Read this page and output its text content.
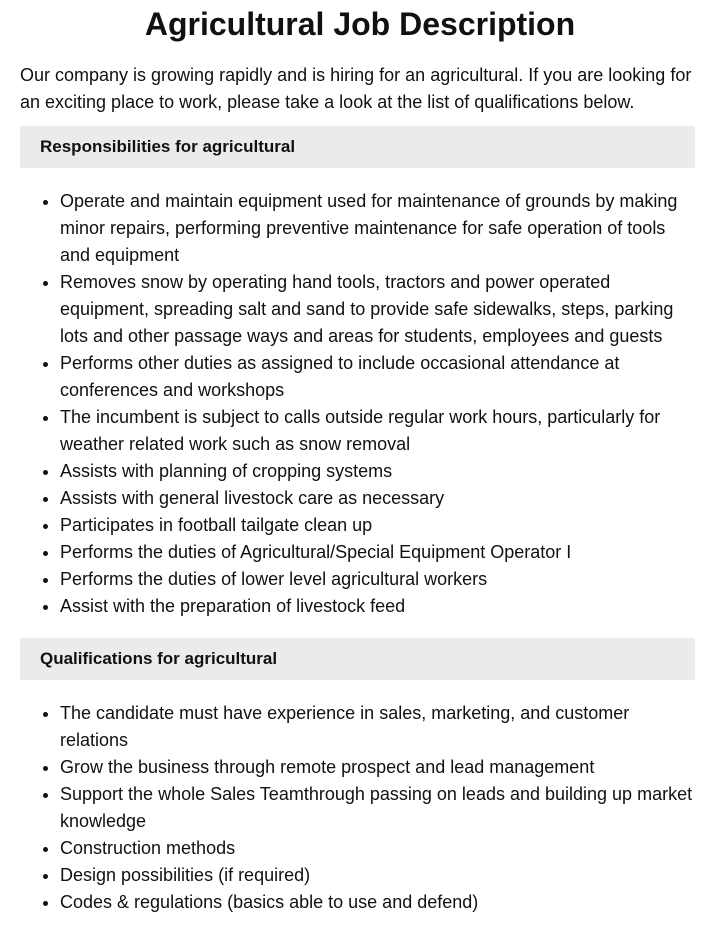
Agricultural Job Description

Our company is growing rapidly and is hiring for an agricultural. If you are looking for an exciting place to work, please take a look at the list of qualifications below.

Responsibilities for agricultural
• Operate and maintain equipment used for maintenance of grounds by making minor repairs, performing preventive maintenance for safe operation of tools and equipment
• Removes snow by operating hand tools, tractors and power operated equipment, spreading salt and sand to provide safe sidewalks, steps, parking lots and other passage ways and areas for students, employees and guests
• Performs other duties as assigned to include occasional attendance at conferences and workshops
• The incumbent is subject to calls outside regular work hours, particularly for weather related work such as snow removal
• Assists with planning of cropping systems
• Assists with general livestock care as necessary
• Participates in football tailgate clean up
• Performs the duties of Agricultural/Special Equipment Operator I
• Performs the duties of lower level agricultural workers
• Assist with the preparation of livestock feed
Qualifications for agricultural
• The candidate must have experience in sales, marketing, and customer relations
• Grow the business through remote prospect and lead management
• Support the whole Sales Teamthrough passing on leads and building up market knowledge
• Construction methods
• Design possibilities (if required)
• Codes & regulations (basics able to use and defend)
